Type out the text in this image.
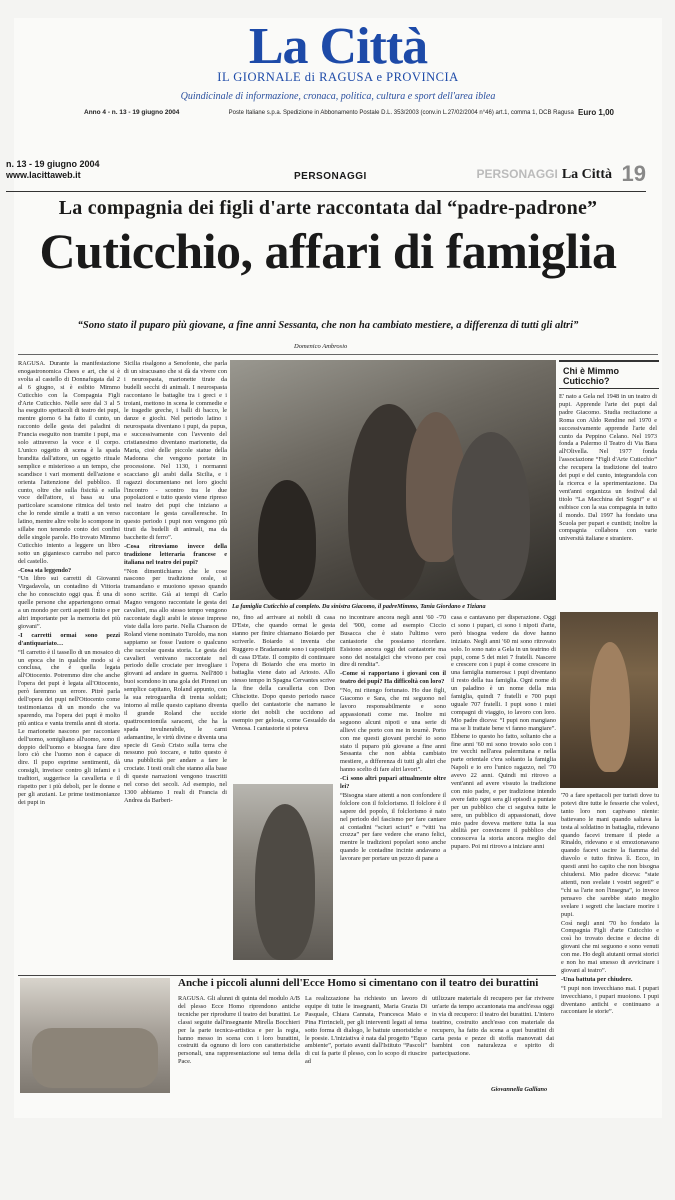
La Città
IL GIORNALE di RAGUSA e PROVINCIA
Quindicinale di informazione, cronaca, politica, cultura e sport dell'area iblea
Anno 4 - n. 13 - 19 giugno 2004	Poste Italiane s.p.a. Spedizione in Abbonamento Postale D.L. 353/2003 (conv.in L.27/02/2004 n°46) art.1, comma 1, DCB Ragusa Euro 1,00
n. 13 - 19 giugno 2004
www.lacittaweb.it	PERSONAGGI	PERSONAGGI La Città 19
La compagnia dei figli d'arte raccontata dal “padre-padrone”
Cuticchio, affari di famiglia
“Sono stato il puparo più giovane, a fine anni Sessanta, che non ha cambiato mestiere, a differenza di tutti gli altri”
Domenico Ambrosio

RAGUSA. Durante la manifestazione enogastronomica Chees e art, che si è svolta al castello di Donnafugata dal 2 al 6 giugno, si è esibito Mimmo Cuticchio con la Compagnia Figli d'Arte Cuticchio. Nelle sere dal 3 al 5 ha eseguito spettacoli di teatro dei pupi, mentre giorno 6 ha fatto il cunto, un racconto delle gesta dei paladini di Francia eseguito non tramite i pupi, ma solo attraverso la voce e il corpo. L'unico oggetto di scena è la spada brandita dall'attore, un oggetto rituale semplice e misterioso a un tempo, che scandisce i vari momenti dell'azione e orienta l'attenzione del pubblico. Il cunto, oltre che sulla fisicità e sulla voce dell'attore, si basa su una particolare scansione ritmica del testo che lo rende simile a tratti a un verso latino, mentre altre volte lo scompone in sillabe non tenendo conto dei confini delle singole parole. Ho trovato Mimmo Cuticchio intento a leggere un libro sotto un gigantesco carrubo nel parco del castello.

-Cosa sta leggendo?

“Un libro sui carretti di Giovanni Virgadavola, un contadino di Vittoria che ho conosciuto oggi qua. È una di quelle persone che appartengono ormai a un mondo per certi aspetti finito e per altri importante per la memoria dei più giovani”.

-I carretti ormai sono pezzi d'antiquariato…

“Il carretto è il tassello di un mosaico di un epoca che in qualche modo si è conclusa, che è quella legata all'Ottocento. Potremmo dire che anche l'opera dei pupi è legata all'Ottocento, però faremmo un errore. Pitrè parla dell'opera dei pupi nell'Ottocento come testimonianza di un mondo che va sparendo, ma l'opera dei pupi è molto più antica e vanta tremila anni di storia. Le marionette nascono per raccontare dell'uomo, somigliano all'uomo, sono il doppio dell'uomo e bisogna fare dire loro ciò che l'uomo non è capace di dire. Il pupo esprime sentimenti, dà consigli, inveisce contro gli infami e i traditori, suggerisce la cavalleria e il rispetto per i più deboli, per le donne e per gli anziani. Le prime testimonianze dei pupi in

Sicilia risalgono a Senofonte, che parla di un siracusano che si dà da vivere con i neurospasta, marionette tirate da budelli secchi di animali. I neurospasta raccontano le battaglie tra i greci e i troiani, mettono in scena le commedie e le tragedie greche, i balli di bacco, le danze e giochi. Nel periodo latino i neurospasta diventano i pupi, da pupus, e successivamente con l'avvento del cristianesimo diventano marionette, da Maria, cioè delle piccole statue della Madonna che vengono portate in processione. Nel 1130, i normanni scacciano gli arabi dalla Sicilia, e i ragazzi documentano nei loro giochi l'incontro - scontro tra le due popolazioni e tutto questo viene ripreso nel teatro dei pupi che iniziano a raccontare le gesta cavalleresche. In questo periodo i pupi non vengono più tirati da budelli di animali, ma da bacchette di ferro”.

-Cosa ritroviamo invece della tradizione letteraria francese e italiana nel teatro dei pupi?

“Non dimentichiamo che le cose nascono per tradizione orale, si tramandano e muoiono spesso quando sono scritte. Già ai tempi di Carlo Magno vengono raccontate le gesta dei cavalieri, ma allo stesso tempo vengono raccontate dagli arabi le stesse imprese viste dalla loro parte. Nella Chanson de Roland viene nominato Turoldo, ma non sappiamo se fosse l'autore o qualcuno che raccolse questa storia. Le gesta dei cavalieri venivano raccontate nel periodo delle crociate per invogliare i giovani ad andare in guerra. Nell'800 i buoi scendono in una gola dei Pirenei un semplice capitano, Roland appunto, con la sua retroguardia di trenta soldati; intorno al mille questo capitano diventa il grande Roland che uccide quattrocentomila saraceni, che ha la spada invulnerabile, le carni adamantine, le virtù divine e diventa una specie di Gesù Cristo sulla terra che nessuno può toccare, e tutto questo è una pubblicità per andare a fare le crociate. I testi orali che stanno alla base di queste narrazioni vengono trascritti nel corso dei secoli. Ad esempio, nel 1300 abbiamo I reali di Francia di Andrea da Barberi-

La famiglia Cuticchio al completo. Da sinistra Giacomo, il padreMimmo, Tania Giordano e Tiziana
Chi è Mimmo Cuticchio?
E' nato a Gela nel 1948 in un teatro di pupi. Apprende l'arte dei pupi dal padre Giacomo. Studia recitazione a Roma con Aldo Rendine nel 1970 e successivamente apprende l'arte del cunto da Peppino Celano. Nel 1973 fonda a Palermo il Teatro di Via Bara all'Olivella. Nel 1977 fonda l'associazione “Figli d'Arte Cuticchio” che recupera la tradizione del teatro dei pupi e del cunto, integrandola con la ricerca e la sperimentazione. Da vent'anni organizza un festival dal titolo “La Macchina dei Sogni” e si esibisce con la sua compagnia in tutto il mondo. Dal 1997 ha fondato una Scuola per pupari e cuntisti; inoltre la compagnia collabora con varie università italiane e straniere.

no, fino ad arrivare ai nobili di casa D'Este, che quando ormai le gesta stanno per finire chiamano Boiardo per scriverle. Boiardo si inventa che Ruggero e Bradamante sono i capostipiti di casa D'Este. Il compito di continuare l'opera di Boiardo che era morto in battaglia viene dato ad Ariosto. Allo stesso tempo in Spagna Cervantes scrive la fine della cavalleria con Don Chisciotte. Dopo questo periodo nasce quello dei cantastorie che narrano le storie dei nobili che uccidono ad esempio per gelosia, come Gesualdo da Venosa. I cantastorie si poteva

no incontrare ancora negli anni '60 -'70 del '900, come ad esempio Ciccio Busacca che è stato l'ultimo vero cantastorie che possiamo ricordare. Esistono ancora oggi dei cantastorie ma sono dei nostalgici che vivono per così dire di rendita”.

-Come si rapportano i giovani con il teatro dei pupi? Ha difficoltà con loro?

“No, mi ritengo fortunato. Ho due figli, Giacomo e Sara, che mi seguono nel lavoro responsabilmente e sono appassionati come me. Inoltre mi seguono alcuni nipoti e una serie di allievi che porto con me in tournè. Porto con me questi giovani perché io sono stato il puparo più giovane a fine anni Sessanta che non abbia cambiato mestiere, a differenza di tutti gli altri che hanno scelto di fare altri lavori”.

-Ci sono altri pupari attualmente oltre lei?

“Bisogna stare attenti a non confondere il folclore con il folclorismo. Il folclore è il sapere del popolo, il folclorismo è nato nel periodo del fascismo per fare cantare ai contadini “sciuri sciuri” e “vitti 'na crozza” per fare vedere che erano felici, mentre le tradizioni popolari sono anche quando le contadine incinte andavano a lavorare per portare un pezzo di pane a

casa e cantavano per disperazione. Oggi ci sono i pupari, ci sono i nipoti d'arte, però bisogna vedere da dove hanno iniziato. Negli anni '60 mi sono ritrovato solo. Io sono nato a Gela in un teatrino di pupi, come 5 dei miei 7 fratelli. Nascere e crescere con i pupi è come crescere in una famiglia numerosa: i pupi diventano il resto della tua famiglia. Ogni nome di un paladino è un nome della mia famiglia, quindi 7 fratelli e 700 pupi uguale 707 fratelli. I pupi sono i miei compagni di viaggio, io lavoro con loro. Mio padre diceva: “I pupi non mangiano ma se li trattate bene vi fanno mangiare”. Ebbene io questo ho fatto, soltanto che a fine anni '60 mi sono trovato solo con i tre vecchi nell'area palermitana e nella parte orientale c'era soltanto la famiglia Napoli e io ero l'unico ragazzo, nel '70 avevo 22 anni. Quindi mi ritrovo a vent'anni ad avere vissuto la tradizione con mio padre, e per tradizione intendo avere fatto ogni sera gli episodi a puntate per un pubblico che ci seguiva tutte le sere, un pubblico di appassionati, dove mio padre doveva mettere tutta la sua abilità per convincere il pubblico che conosceva la storia ancora meglio del puparo. Poi mi ritrovo a iniziare anni

'70 a fare spettacoli per turisti dove tu potevi dire tutte le fesserie che volevi, tanto loro non capivano niente: battevano le mani quando saltava la testa al soldatino in battaglia, ridevano quando facevi tremare il piede a Rinaldo, ridevano e si emozionavano quando facevi uscire la fiamma del diavolo e tutto finiva lì. Ecco, in questi anni ho capito che non bisogna chiudersi. Mio padre diceva: “state attenti, non svelate i vostri segreti” e “chi sa l'arte non l'insegna”, io invece pensavo che sarebbe stato meglio svelare i segreti che lasciare morire i pupi.

Così negli anni '70 ho fondato la Compagnia Figli d'arte Cuticchio e così ho trovato decine e decine di giovani che mi seguono e sono venuti con me. Ho degli aiutanti ormai storici e non ho mai smesso di avvicinare i giovani al teatro”.

-Una battuta per chiudere.

“I pupi non invecchiano mai. I pupari invecchiano, i pupari muoiono. I pupi diventano antichi e continuano a raccontare le storie”.

Anche i piccoli alunni dell'Ecce Homo si cimentano con il teatro dei burattini
RAGUSA. Gli alunni di quinta del modulo A/B del plesso Ecce Homo riprendono antiche tecniche per riprodurre il teatro dei burattini. Le classi seguite dall'insegnante Mirella Bocchieri per la parte tecnica-artistica e per la regia, hanno messo in scena con i loro burattini, costruiti da ognuno di loro con caratteristiche personali, una rappresentazione sul tema della Pace.
La realizzazione ha richiesto un lavoro di equipe di tutte le insegnanti, Maria Grazia Di Pasquale, Chiara Cannata, Francesca Maio e Pina Firrincieli, per gli interventi legati al tema sotto forma di dialogo, le battute umoristiche e le poesie. L'iniziativa è nata dal progetto “Equo ambiente”, portato avanti dall'Istituto “Pascoli” di cui fa parte il plesso, con lo scopo di riuscire ad
utilizzare materiale di recupero per far rivivere un'arte da tempo accantonata ma anch'essa oggi in via di recupero: il teatro dei burattini. L'intero teatrino, costruito anch'esso con materiale da recupero, ha fatto da scena a quei burattini di carta pesta e pezze di stoffa manovrati dai bambini con naturalezza e spirito di partecipazione.
Giovannella Galliano
